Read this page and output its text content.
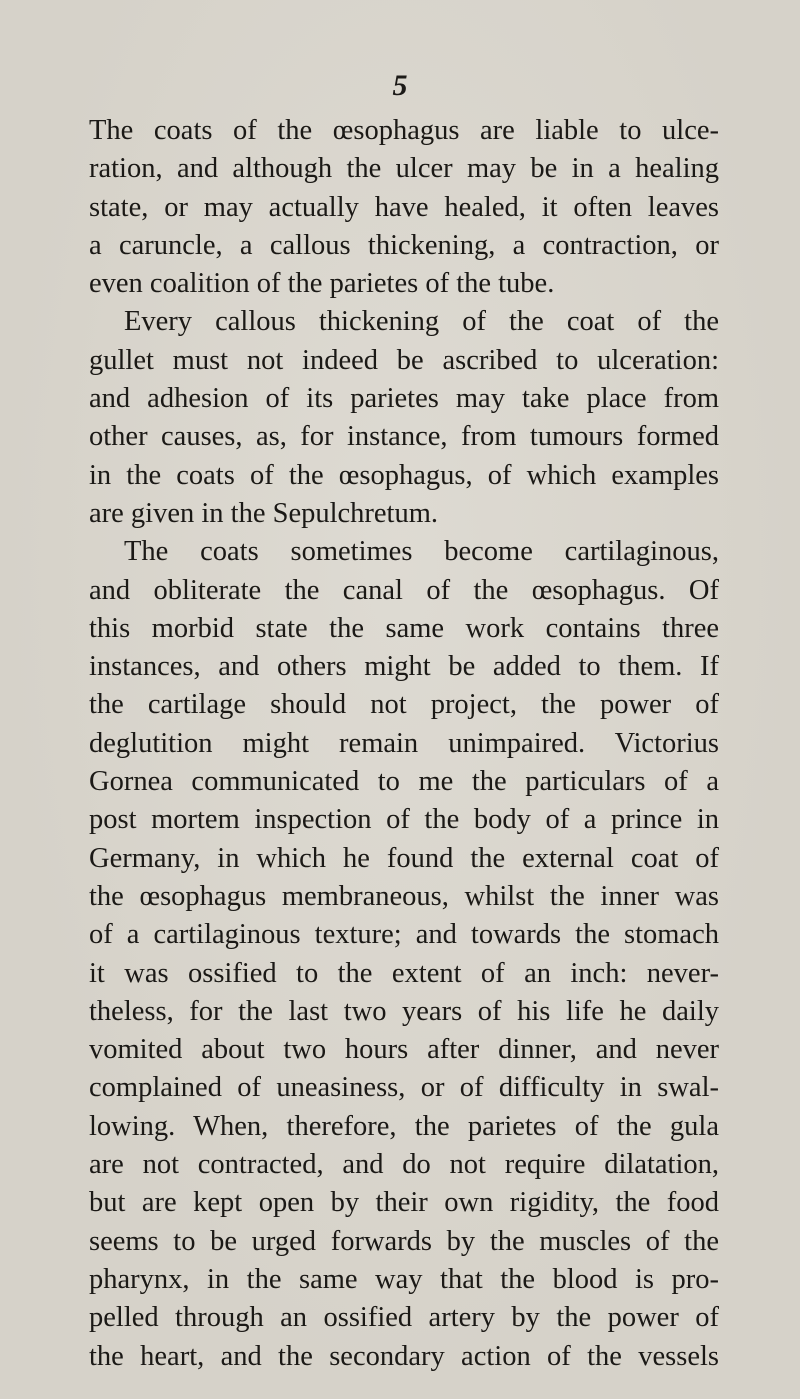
5
The coats of the œsophagus are liable to ulce-
ration, and although the ulcer may be in a healing
state, or may actually have healed, it often leaves
a caruncle, a callous thickening, a contraction, or
even coalition of the parietes of the tube.
Every callous thickening of the coat of the
gullet must not indeed be ascribed to ulceration:
and adhesion of its parietes may take place from
other causes, as, for instance, from tumours formed
in the coats of the œsophagus, of which examples
are given in the Sepulchretum.
The coats sometimes become cartilaginous,
and obliterate the canal of the œsophagus. Of
this morbid state the same work contains three
instances, and others might be added to them. If
the cartilage should not project, the power of
deglutition might remain unimpaired. Victorius
Gornea communicated to me the particulars of a
post mortem inspection of the body of a prince in
Germany, in which he found the external coat of
the œsophagus membraneous, whilst the inner was
of a cartilaginous texture; and towards the stomach
it was ossified to the extent of an inch: never-
theless, for the last two years of his life he daily
vomited about two hours after dinner, and never
complained of uneasiness, or of difficulty in swal-
lowing. When, therefore, the parietes of the gula
are not contracted, and do not require dilatation,
but are kept open by their own rigidity, the food
seems to be urged forwards by the muscles of the
pharynx, in the same way that the blood is pro-
pelled through an ossified artery by the power of
the heart, and the secondary action of the vessels
